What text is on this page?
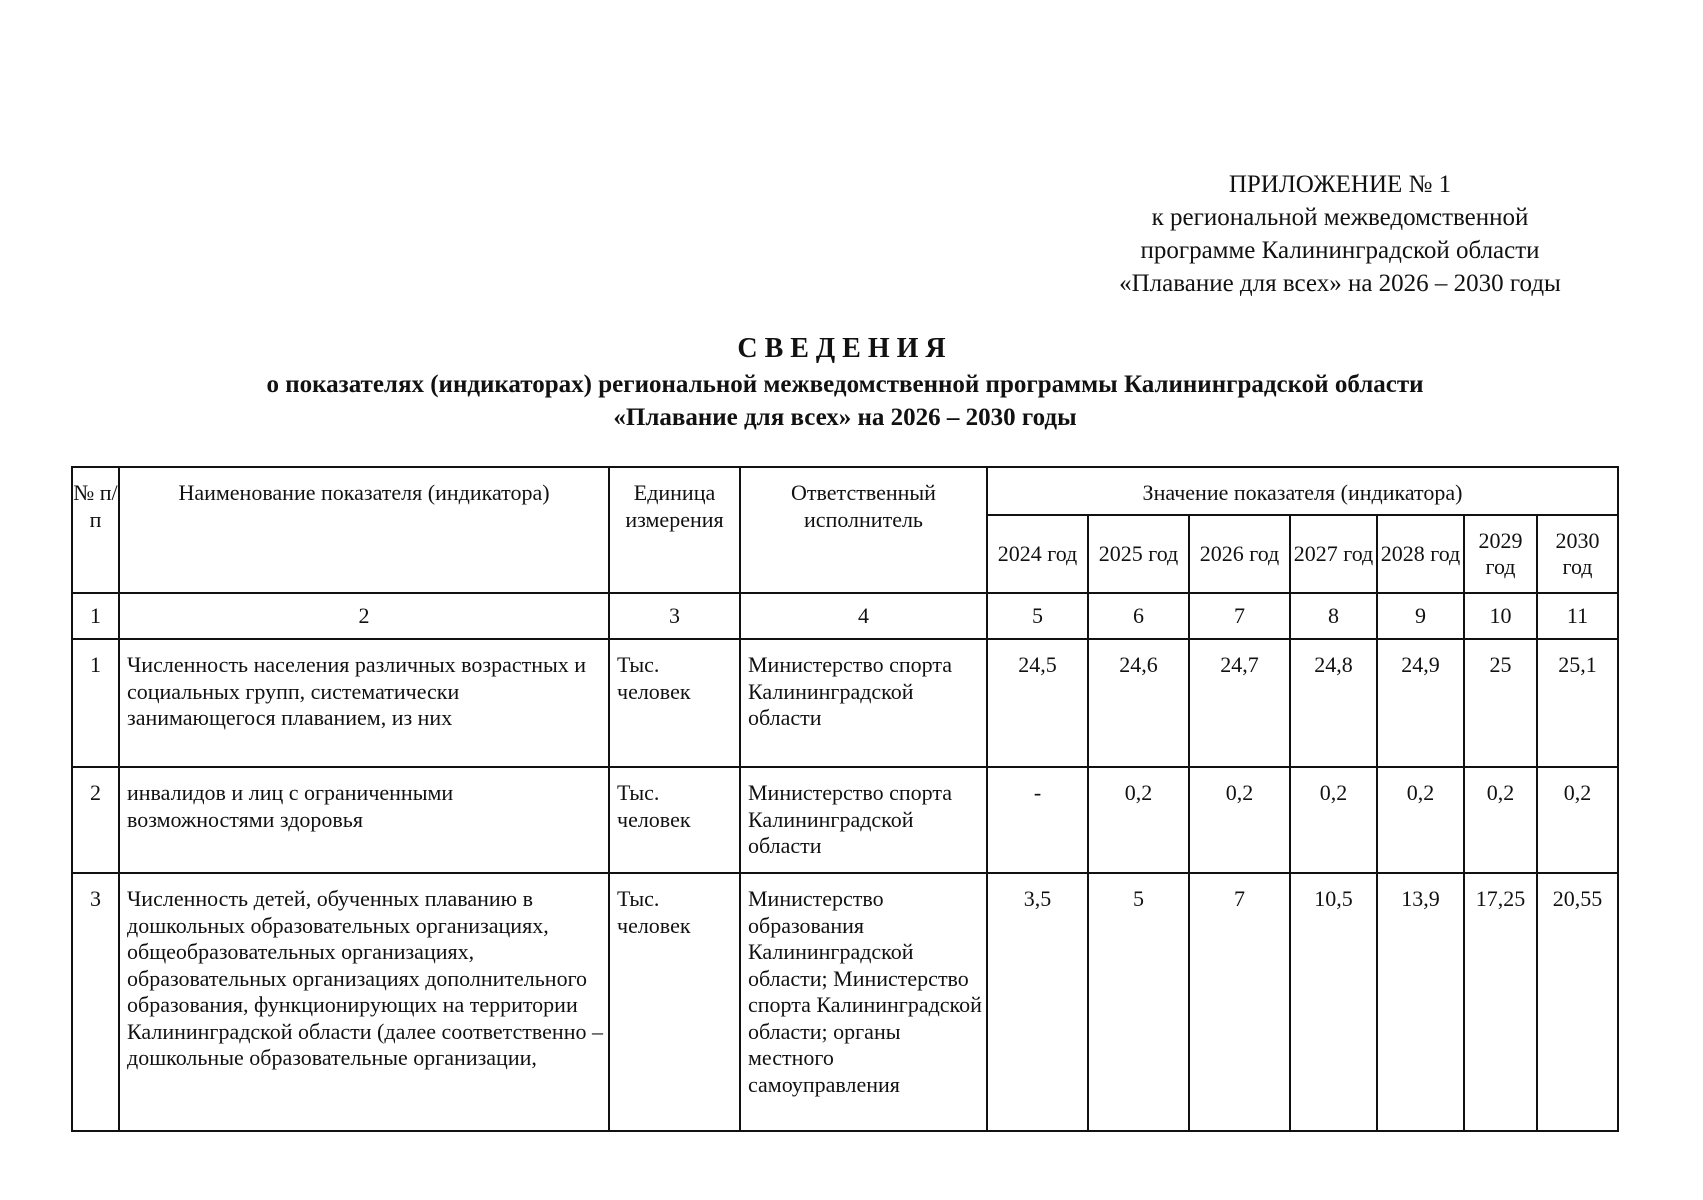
ПРИЛОЖЕНИЕ № 1
к региональной межведомственной
программе Калининградской области
«Плавание для всех» на 2026 – 2030 годы
СВЕДЕНИЯ
о показателях (индикаторах) региональной межведомственной программы Калининградской области
«Плавание для всех» на 2026 – 2030 годы
№ п/п	Наименование показателя (индикатора)	Единица измерения	Ответственный исполнитель	Значение показателя (индикатора)						
				2024 год	2025 год	2026 год	2027 год	2028 год	2029 год	2030 год
1	2	3	4	5	6	7	8	9	10	11
1	Численность населения различных возрастных и социальных групп, систематически занимающегося плаванием, из них	Тыс. человек	Министерство спорта Калининградской области	24,5	24,6	24,7	24,8	24,9	25	25,1
2	инвалидов и лиц с ограниченными возможностями здоровья	Тыс. человек	Министерство спорта Калининградской области	-	0,2	0,2	0,2	0,2	0,2	0,2
3	Численность детей, обученных плаванию в дошкольных образовательных организациях, общеобразовательных организациях, образовательных организациях дополнительного образования, функционирующих на территории Калининградской области (далее соответственно – дошкольные образовательные организации,	Тыс. человек	Министерство образования Калининградской области; Министерство спорта Калининградской области; органы местного самоуправления	3,5	5	7	10,5	13,9	17,25	20,55
